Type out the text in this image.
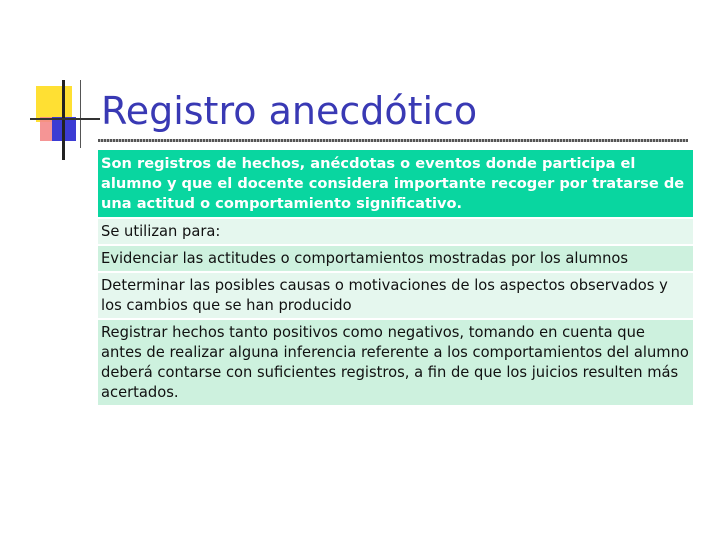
Registro anecdótico
Son registros de hechos, anécdotas o eventos donde participa el alumno y que el docente considera importante recoger por tratarse de una actitud o comportamiento significativo.
Se utilizan para:
Evidenciar las actitudes o comportamientos mostradas por los alumnos
Determinar las posibles causas o motivaciones de los aspectos observados y los cambios que se han producido
Registrar hechos tanto positivos como negativos, tomando en cuenta que antes de realizar alguna inferencia referente a los comportamientos del alumno deberá contarse con suficientes registros, a fin de que los juicios resulten más acertados.
